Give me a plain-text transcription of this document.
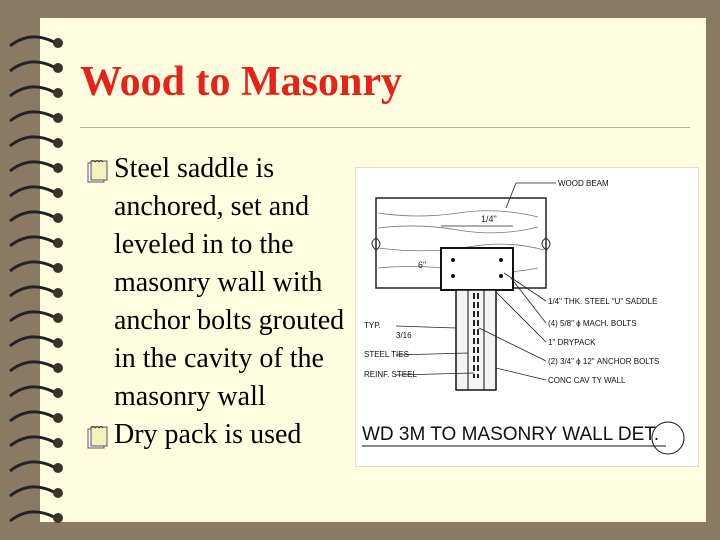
Wood to Masonry
Steel saddle is anchored, set and leveled in to the masonry wall with anchor bolts grouted in the cavity of the masonry wall
Dry pack is used
1/4"
6"
WOOD BEAM
1/4" THK. STEEL "U" SADDLE
(4) 5/8" ϕ MACH. BOLTS
1" DRYPACK
(2) 3/4" ϕ 12" ANCHOR BOLTS
CONC CAV TY WALL
TYP.
3/16
STEEL TIES
REINF. STEEL
WD 3M TO MASONRY WALL DET.
